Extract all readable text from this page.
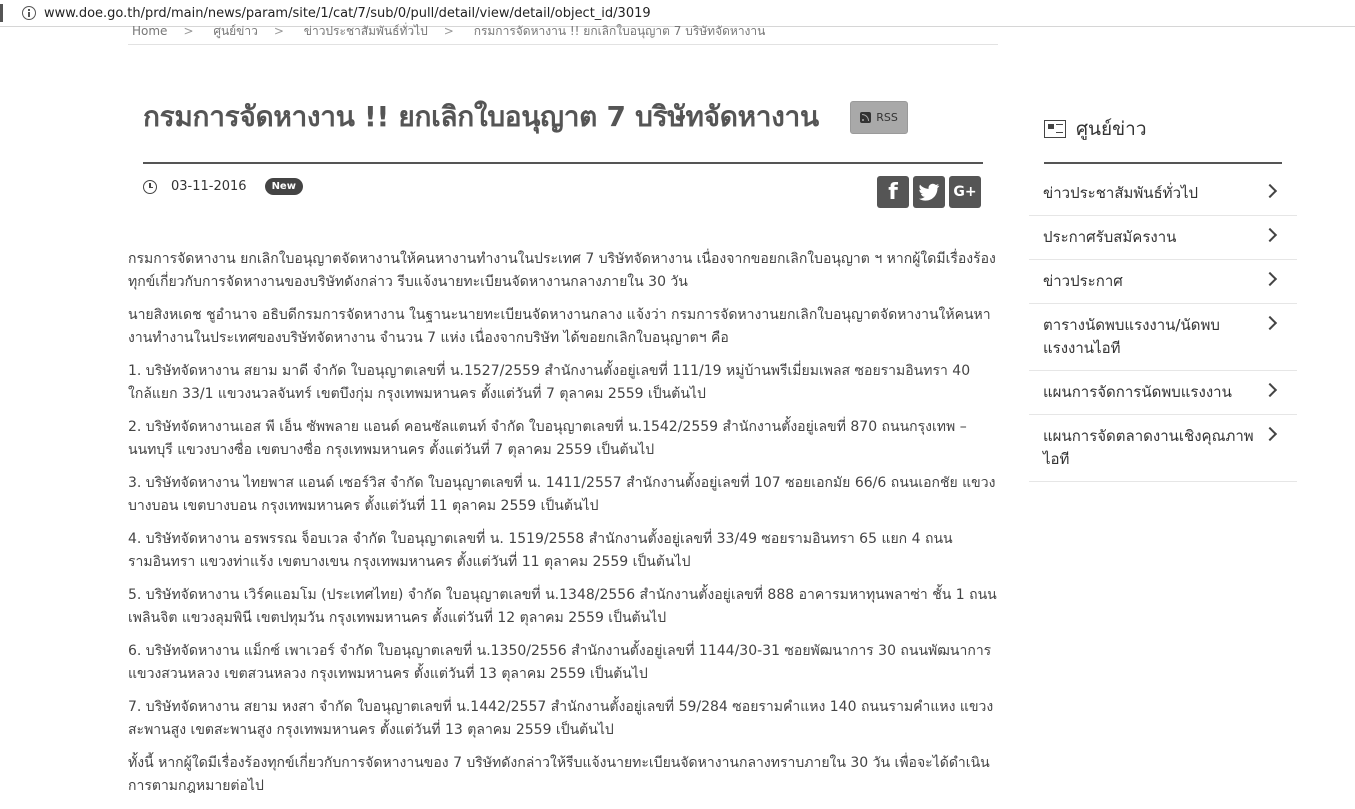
www.doe.go.th/prd/main/news/param/site/1/cat/7/sub/0/pull/detail/view/detail/object_id/3019
Home > ศูนย์ข่าว > ข่าวประชาสัมพันธ์ทั่วไป > กรมการจัดหางาน !! ยกเลิกใบอนุญาต 7 บริษัทจัดหางาน
กรมการจัดหางาน !! ยกเลิกใบอนุญาต 7 บริษัทจัดหางาน	RSS
03-11-2016	New	f	G+

กรมการจัดหางาน ยกเลิกใบอนุญาตจัดหางานให้คนหางานทำงานในประเทศ 7 บริษัทจัดหางาน เนื่องจากขอยกเลิกใบอนุญาต ฯ หากผู้ใดมีเรื่องร้องทุกข์เกี่ยวกับการจัดหางานของบริษัทดังกล่าว รีบแจ้งนายทะเบียนจัดหางานกลางภายใน 30 วัน

นายสิงหเดช ชูอำนาจ อธิบดีกรมการจัดหางาน ในฐานะนายทะเบียนจัดหางานกลาง แจ้งว่า กรมการจัดหางานยกเลิกใบอนุญาตจัดหางานให้คนหางานทำงานในประเทศของบริษัทจัดหางาน จำนวน 7 แห่ง เนื่องจากบริษัท ได้ขอยกเลิกใบอนุญาตฯ คือ

1. บริษัทจัดหางาน สยาม มาดี จำกัด ใบอนุญาตเลขที่ น.1527/2559 สำนักงานตั้งอยู่เลขที่ 111/19 หมู่บ้านพรีเมี่ยมเพลส ซอยรามอินทรา 40 ใกล้แยก 33/1 แขวงนวลจันทร์ เขตบึงกุ่ม กรุงเทพมหานคร ตั้งแต่วันที่ 7 ตุลาคม 2559 เป็นต้นไป

2. บริษัทจัดหางานเอส พี เอ็น ซัพพลาย แอนด์ คอนซัลแตนท์ จำกัด ใบอนุญาตเลขที่ น.1542/2559 สำนักงานตั้งอยู่เลขที่ 870 ถนนกรุงเทพ – นนทบุรี แขวงบางซื่อ เขตบางซื่อ กรุงเทพมหานคร ตั้งแต่วันที่ 7 ตุลาคม 2559 เป็นต้นไป

3. บริษัทจัดหางาน ไทยพาส แอนด์ เซอร์วิส จำกัด ใบอนุญาตเลขที่ น. 1411/2557 สำนักงานตั้งอยู่เลขที่ 107 ซอยเอกมัย 66/6 ถนนเอกชัย แขวงบางบอน เขตบางบอน กรุงเทพมหานคร ตั้งแต่วันที่ 11 ตุลาคม 2559 เป็นต้นไป

4. บริษัทจัดหางาน อรพรรณ จ็อบเวล จำกัด ใบอนุญาตเลขที่ น. 1519/2558 สำนักงานตั้งอยู่เลขที่ 33/49 ซอยรามอินทรา 65 แยก 4 ถนนรามอินทรา แขวงท่าแร้ง เขตบางเขน กรุงเทพมหานคร ตั้งแต่วันที่ 11 ตุลาคม 2559 เป็นต้นไป

5. บริษัทจัดหางาน เวิร์คแอมโม (ประเทศไทย) จำกัด ใบอนุญาตเลขที่ น.1348/2556 สำนักงานตั้งอยู่เลขที่ 888 อาคารมหาทุนพลาซ่า ชั้น 1 ถนนเพลินจิต แขวงลุมพินี เขตปทุมวัน กรุงเทพมหานคร ตั้งแต่วันที่ 12 ตุลาคม 2559 เป็นต้นไป

6. บริษัทจัดหางาน แม็กซ์ เพาเวอร์ จำกัด ใบอนุญาตเลขที่ น.1350/2556 สำนักงานตั้งอยู่เลขที่ 1144/30-31 ซอยพัฒนาการ 30 ถนนพัฒนาการ แขวงสวนหลวง เขตสวนหลวง กรุงเทพมหานคร ตั้งแต่วันที่ 13 ตุลาคม 2559 เป็นต้นไป

7. บริษัทจัดหางาน สยาม หงสา จำกัด ใบอนุญาตเลขที่ น.1442/2557 สำนักงานตั้งอยู่เลขที่ 59/284 ซอยรามคำแหง 140 ถนนรามคำแหง แขวงสะพานสูง เขตสะพานสูง กรุงเทพมหานคร ตั้งแต่วันที่ 13 ตุลาคม 2559 เป็นต้นไป

ทั้งนี้ หากผู้ใดมีเรื่องร้องทุกข์เกี่ยวกับการจัดหางานของ 7 บริษัทดังกล่าวให้รีบแจ้งนายทะเบียนจัดหางานกลางทราบภายใน 30 วัน เพื่อจะได้ดำเนินการตามกฎหมายต่อไป

ศูนย์ข่าว
ข่าวประชาสัมพันธ์ทั่วไป
ประกาศรับสมัครงาน
ข่าวประกาศ
ตารางนัดพบแรงงาน/นัดพบแรงงานไอที
แผนการจัดการนัดพบแรงงาน
แผนการจัดตลาดงานเชิงคุณภาพไอที
